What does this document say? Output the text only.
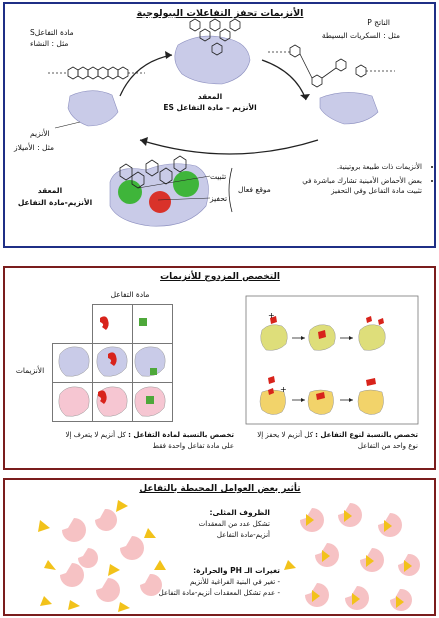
الأنزيمات تحفز التفاعلات البيولوجية
مادة التفاعلS
مثل : النشاء
الناتج P
مثل : السكريات البسيطة
المعقد
الأنزيم – مادة التفاعل ES
الأنزيم
مثل : الأميلاز
تثبيت
تحفيز
موقع فعال
المعقد
الأنزيم-مادة التفاعل
• الأنزيمات ذات طبيعة بروتينية.
• بعض الأحماض الأمينية تشارك مباشرة في تثبيت مادة التفاعل وفي التحفيز
التخصص المزدوج للأنزيمات
مادة التفاعل
الأنزيمات

+
+
تخصص بالنسبة لمادة التفاعل : كل أنزيم لا يتعرف إلا على مادة تفاعل واحدة فقط
تخصص بالنسبة لنوع التفاعل : كل أنزيم لا يحفز إلا نوع واحد من التفاعل
تأثير بعض العوامل المحيطة بالتفاعل
الظروف المثلى:
تشكل عدد من المعقدات
أنزيم-مادة التفاعل
تغيرات الـ PH والحرارة:
- تغير في البنية الفراغية للأنزيم
- عدم تشكل المعقدات أنزيم-مادة التفاعل
